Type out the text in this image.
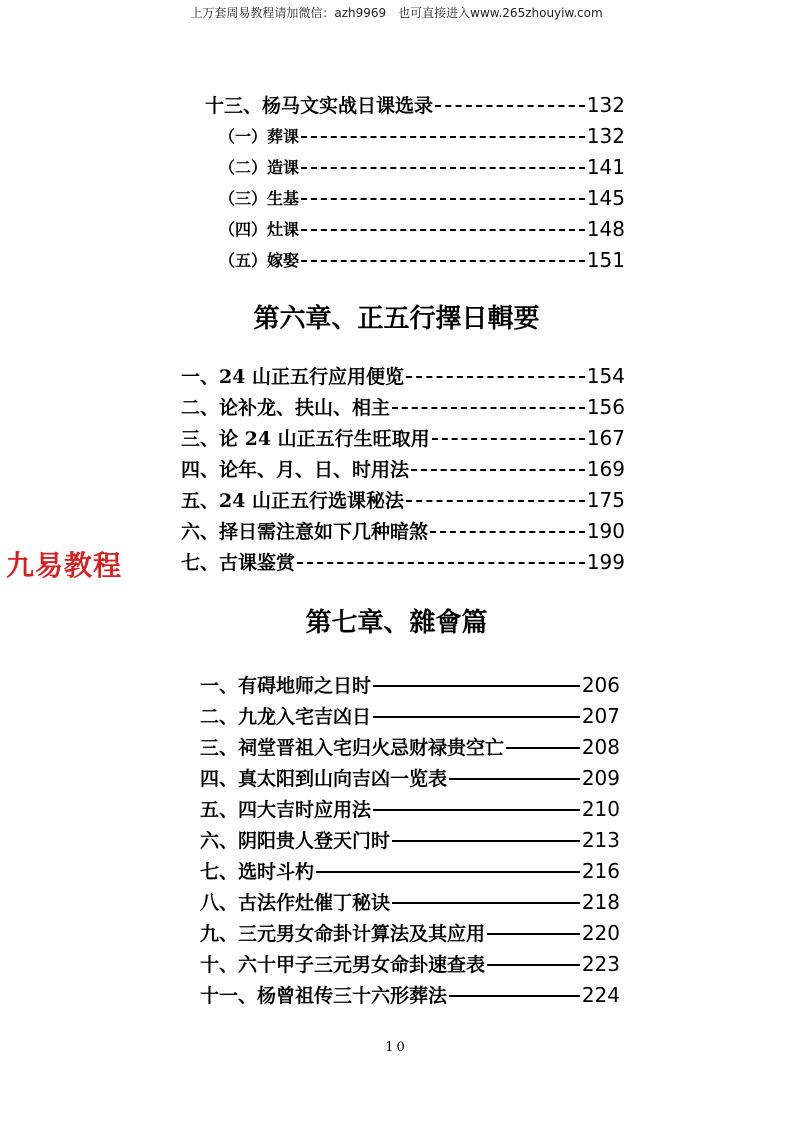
上万套周易教程请加微信：azh9969　也可直接进入www.265zhouyiw.com
十三、杨马文实战日课选录	132
（一）葬课	132
（二）造课	141
（三）生基	145
（四）灶课	148
（五）嫁娶	151
第六章、正五行擇日輯要
一、24 山正五行应用便览	154
二、论补龙、扶山、相主	156
三、论 24 山正五行生旺取用	167
四、论年、月、日、时用法	169
五、24 山正五行选课秘法	175
六、择日需注意如下几种暗煞	190
七、古课鉴赏	199
九易教程
第七章、雜會篇
一、有碍地师之日时	206
二、九龙入宅吉凶日	207
三、祠堂晋祖入宅归火忌财禄贵空亡	208
四、真太阳到山向吉凶一览表	209
五、四大吉时应用法	210
六、阴阳贵人登天门时	213
七、选时斗杓	216
八、古法作灶催丁秘诀	218
九、三元男女命卦计算法及其应用	220
十、六十甲子三元男女命卦速查表	223
十一、杨曾祖传三十六形葬法	224
10
